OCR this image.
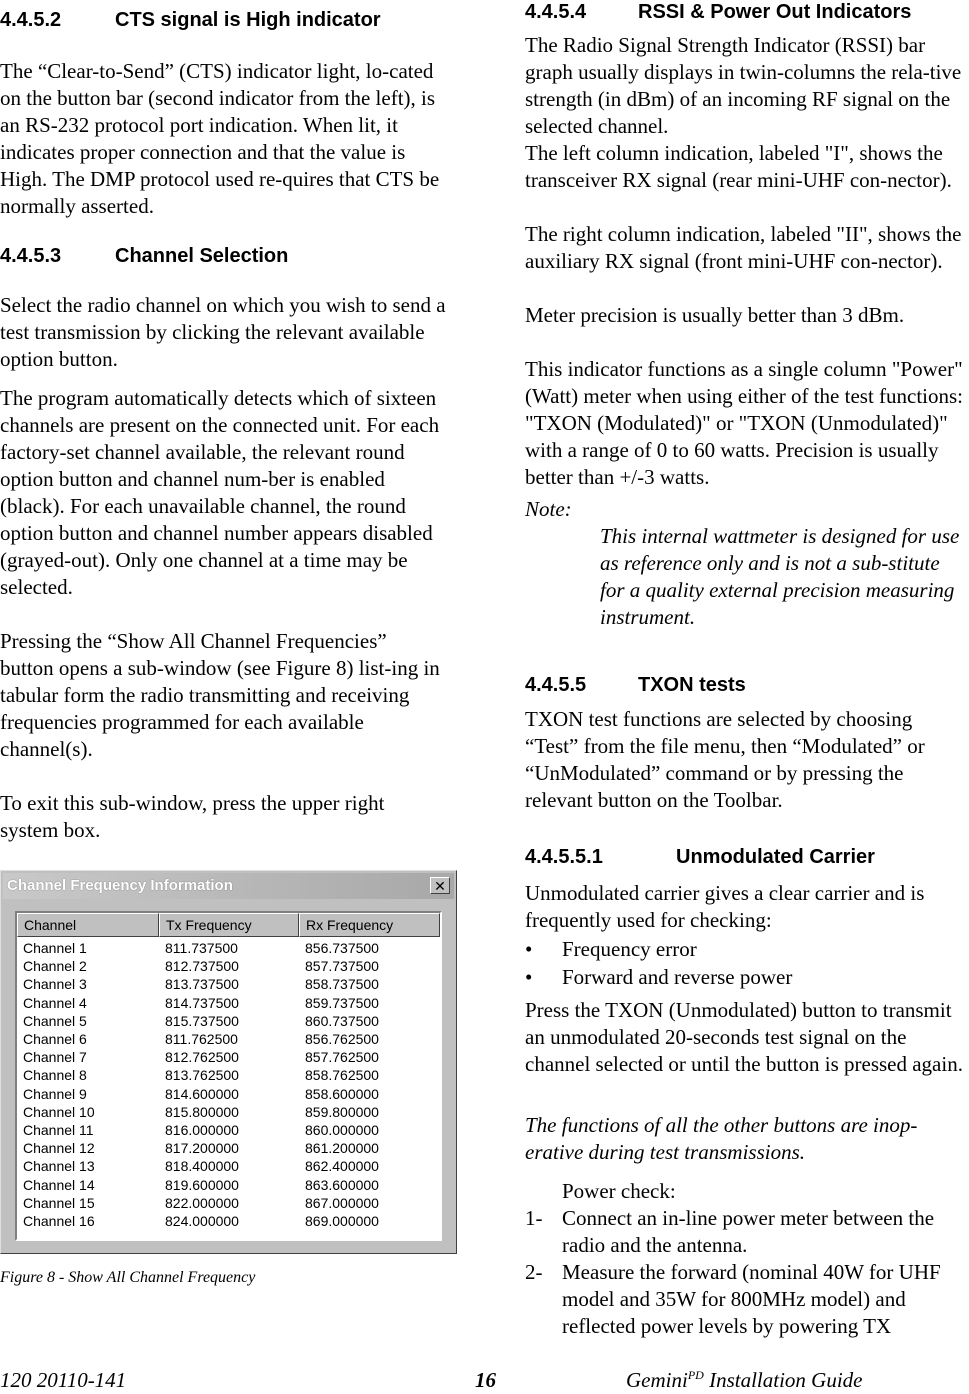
4.4.5.2	CTS signal is High indicator

The “Clear-to-Send” (CTS) indicator light, lo-cated on the button bar (second indicator from the left), is an RS-232 protocol port indication. When lit, it indicates proper connection and that the value is High. The DMP protocol used re-quires that CTS be normally asserted.

4.4.5.3	Channel Selection

Select the radio channel on which you wish to send a test transmission by clicking the relevant available option button.

The program automatically detects which of sixteen channels are present on the connected unit. For each factory-set channel available, the relevant round option button and channel num-ber is enabled (black). For each unavailable channel, the round option button and channel number appears disabled (grayed-out). Only one channel at a time may be selected.

Pressing the “Show All Channel Frequencies” button opens a sub-window (see Figure 8) list-ing in tabular form the radio transmitting and receiving frequencies programmed for each available channel(s).

To exit this sub-window, press the upper right system box.

Channel Frequency Information	✕
Channel	Tx Frequency	Rx Frequency
Channel 1	811.737500	856.737500
Channel 2	812.737500	857.737500
Channel 3	813.737500	858.737500
Channel 4	814.737500	859.737500
Channel 5	815.737500	860.737500
Channel 6	811.762500	856.762500
Channel 7	812.762500	857.762500
Channel 8	813.762500	858.762500
Channel 9	814.600000	858.600000
Channel 10	815.800000	859.800000
Channel 11	816.000000	860.000000
Channel 12	817.200000	861.200000
Channel 13	818.400000	862.400000
Channel 14	819.600000	863.600000
Channel 15	822.000000	867.000000
Channel 16	824.000000	869.000000
Figure 8 - Show All Channel Frequency
4.4.5.4	RSSI & Power Out Indicators

The Radio Signal Strength Indicator (RSSI) bar graph usually displays in twin-columns the rela-tive strength (in dBm) of an incoming RF signal on the selected channel.

The left column indication, labeled "I", shows the transceiver RX signal (rear mini-UHF con-nector).

The right column indication, labeled "II", shows the auxiliary RX signal (front mini-UHF con-nector).

Meter precision is usually better than 3 dBm.

This indicator functions as a single column "Power" (Watt) meter when using either of the test functions: "TXON (Modulated)" or "TXON (Unmodulated)" with a range of 0 to 60 watts. Precision is usually better than +/-3 watts.

Note:

This internal wattmeter is designed for use as reference only and is not a sub-stitute for a quality external precision measuring instrument.

4.4.5.5	TXON tests

TXON test functions are selected by choosing “Test” from the file menu, then “Modulated” or “UnModulated” command or by pressing the relevant button on the Toolbar.

4.4.5.5.1	Unmodulated Carrier

Unmodulated carrier gives a clear carrier and is frequently used for checking:

• Frequency error

• Forward and reverse power

Press the TXON (Unmodulated) button to transmit an unmodulated 20-seconds test signal on the channel selected or until the button is pressed again.

The functions of all the other buttons are inop-erative during test transmissions.

Power check:

1- Connect an in-line power meter between the radio and the antenna.
2- Measure the forward (nominal 40W for UHF model and 35W for 800MHz model) and reflected power levels by powering TX
120 20110-141	16	Gemini$^{PD}$ Installation Guide
